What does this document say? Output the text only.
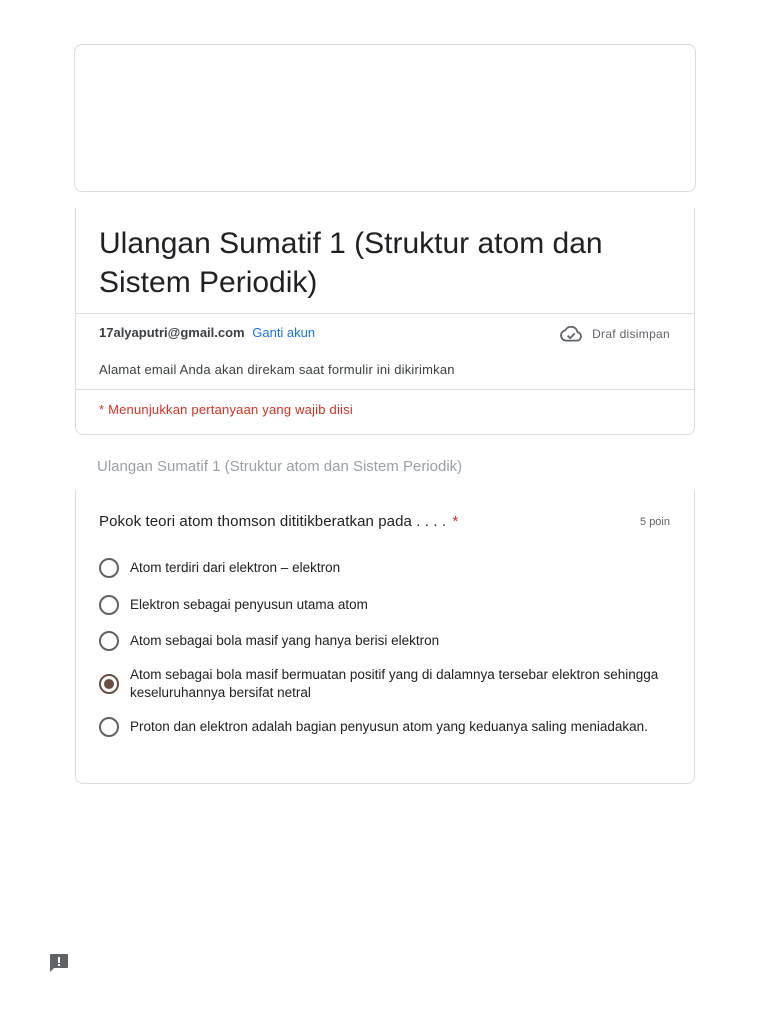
Ulangan Sumatif 1 (Struktur atom dan Sistem Periodik)
17alyaputri@gmail.com Ganti akun	Draf disimpan
Alamat email Anda akan direkam saat formulir ini dikirimkan
* Menunjukkan pertanyaan yang wajib diisi
Ulangan Sumatif 1 (Struktur atom dan Sistem Periodik)
Pokok teori atom thomson dititikberatkan pada . . . . *	5 poin
Atom terdiri dari elektron – elektron
Elektron sebagai penyusun utama atom
Atom sebagai bola masif yang hanya berisi elektron
Atom sebagai bola masif bermuatan positif yang di dalamnya tersebar elektron sehingga keseluruhannya bersifat netral
Proton dan elektron adalah bagian penyusun atom yang keduanya saling meniadakan.
